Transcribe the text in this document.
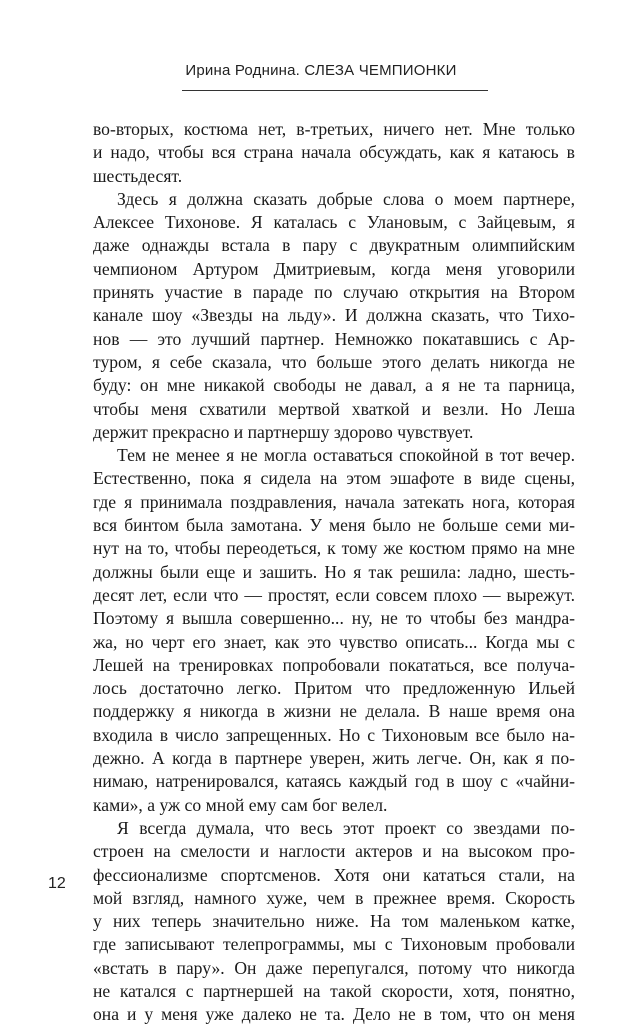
Ирина Роднина. СЛЕЗА ЧЕМПИОНКИ
во-вторых, костюма нет, в-третьих, ничего нет. Мне только
и надо, чтобы вся страна начала обсуждать, как я катаюсь в
шестьдесят.
Здесь я должна сказать добрые слова о моем партнере,
Алексее Тихонове. Я каталась с Улановым, с Зайцевым, я
даже однажды встала в пару с двукратным олимпийским
чемпионом Артуром Дмитриевым, когда меня уговорили
принять участие в параде по случаю открытия на Втором
канале шоу «Звезды на льду». И должна сказать, что Тихо-
нов — это лучший партнер. Немножко покатавшись с Ар-
туром, я себе сказала, что больше этого делать никогда не
буду: он мне никакой свободы не давал, а я не та парница,
чтобы меня схватили мертвой хваткой и везли. Но Леша
держит прекрасно и партнершу здорово чувствует.
Тем не менее я не могла оставаться спокойной в тот вечер.
Естественно, пока я сидела на этом эшафоте в виде сцены,
где я принимала поздравления, начала затекать нога, которая
вся бинтом была замотана. У меня было не больше семи ми-
нут на то, чтобы переодеться, к тому же костюм прямо на мне
должны были еще и зашить. Но я так решила: ладно, шесть-
десят лет, если что — простят, если совсем плохо — вырежут.
Поэтому я вышла совершенно... ну, не то чтобы без мандра-
жа, но черт его знает, как это чувство описать... Когда мы с
Лешей на тренировках попробовали покататься, все получа-
лось достаточно легко. Притом что предложенную Ильей
поддержку я никогда в жизни не делала. В наше время она
входила в число запрещенных. Но с Тихоновым все было на-
дежно. А когда в партнере уверен, жить легче. Он, как я по-
нимаю, натренировался, катаясь каждый год в шоу с «чайни-
ками», а уж со мной ему сам бог велел.
Я всегда думала, что весь этот проект со звездами по-
строен на смелости и наглости актеров и на высоком про-
фессионализме спортсменов. Хотя они кататься стали, на
мой взгляд, намного хуже, чем в прежнее время. Скорость
у них теперь значительно ниже. На том маленьком катке,
где записывают телепрограммы, мы с Тихоновым пробовали
«встать в пару». Он даже перепугался, потому что никогда
не катался с партнершей на такой скорости, хотя, понятно,
она и у меня уже далеко не та. Дело не в том, что он меня
12
